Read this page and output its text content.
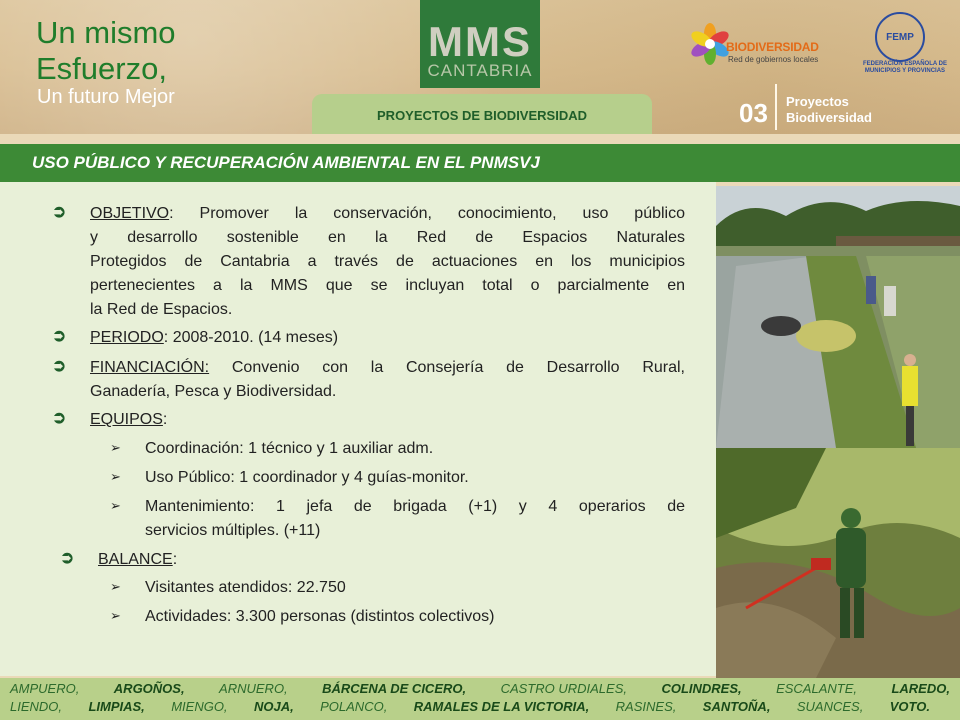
Un mismo
Esfuerzo,
Un futuro Mejor
MMS
CANTABRIA
PROYECTOS DE BIODIVERSIDAD
BIODIVERSIDAD
Red de gobiernos locales
FEMP
FEDERACIÓN ESPAÑOLA DE
MUNICIPIOS Y PROVINCIAS
03 Proyectos
Biodiversidad
USO PÚBLICO Y RECUPERACIÓN AMBIENTAL EN EL PNMSVJ
➲ OBJETIVO: Promover la conservación, conocimiento, uso público
y desarrollo sostenible en la Red de Espacios Naturales
Protegidos de Cantabria a través de actuaciones en los municipios
pertenecientes a la MMS que se incluyan total o parcialmente en
la Red de Espacios.
➲ PERIODO: 2008-2010. (14 meses)
➲ FINANCIACIÓN: Convenio con la Consejería de Desarrollo Rural,
Ganadería, Pesca y Biodiversidad.
➲ EQUIPOS:
➢ Coordinación: 1 técnico y 1 auxiliar adm.
➢ Uso Público: 1 coordinador y 4 guías-monitor.
➢ Mantenimiento: 1 jefa de brigada (+1) y 4 operarios de
servicios múltiples. (+11)
➲ BALANCE:
➢ Visitantes atendidos: 22.750
➢ Actividades: 3.300 personas (distintos colectivos)
AMPUERO,	ARGOÑOS,	ARNUERO,	BÁRCENA DE CICERO,	CASTRO URDIALES,	COLINDRES,	ESCALANTE,	LAREDO,
LIENDO, LIMPIAS, MIENGO, NOJA, POLANCO, RAMALES DE LA VICTORIA, RASINES, SANTOÑA, SUANCES, VOTO.
